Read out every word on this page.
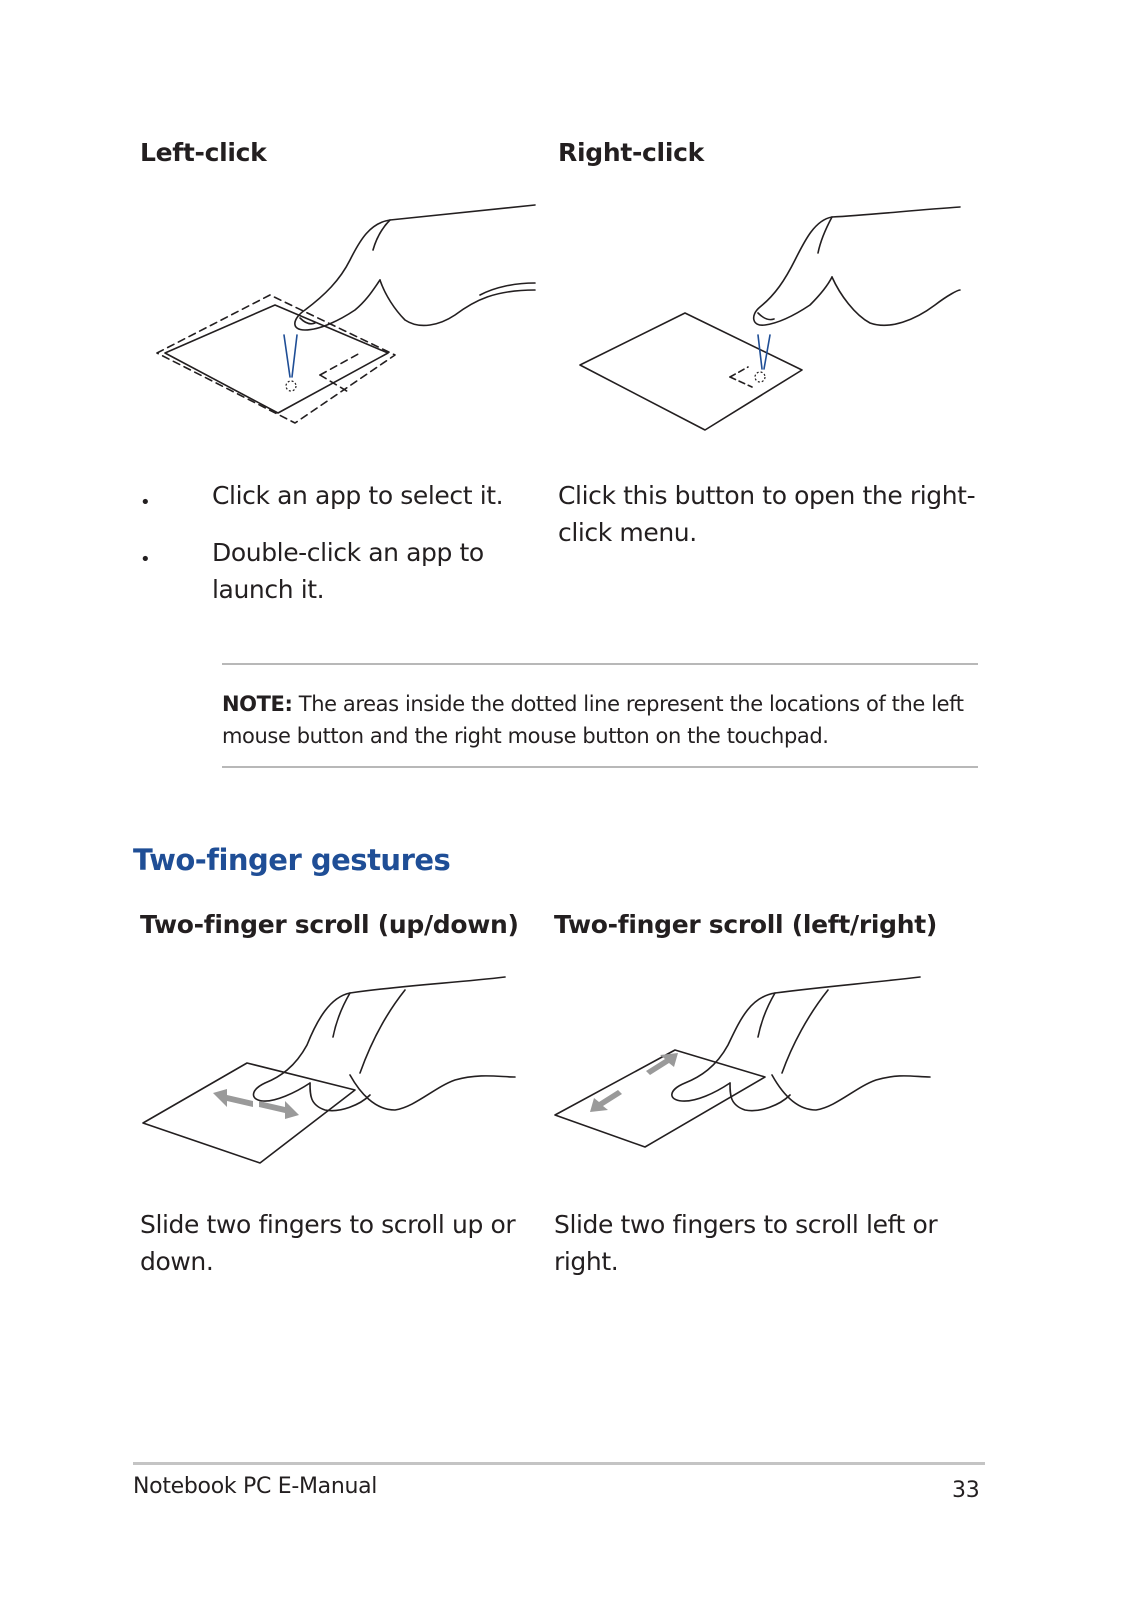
Left-click
• Click an app to select it.
• Double-click an app to launch it.
Right-click
Click this button to open the right-click menu.
NOTE: The areas inside the dotted line represent the locations of the left mouse button and the right mouse button on the touchpad.
Two-finger gestures
Two-finger scroll (up/down) Two-finger scroll (left/right)
Slide two fingers to scroll up or down.
Slide two fingers to scroll left or right.
Notebook PC E-Manual	33
